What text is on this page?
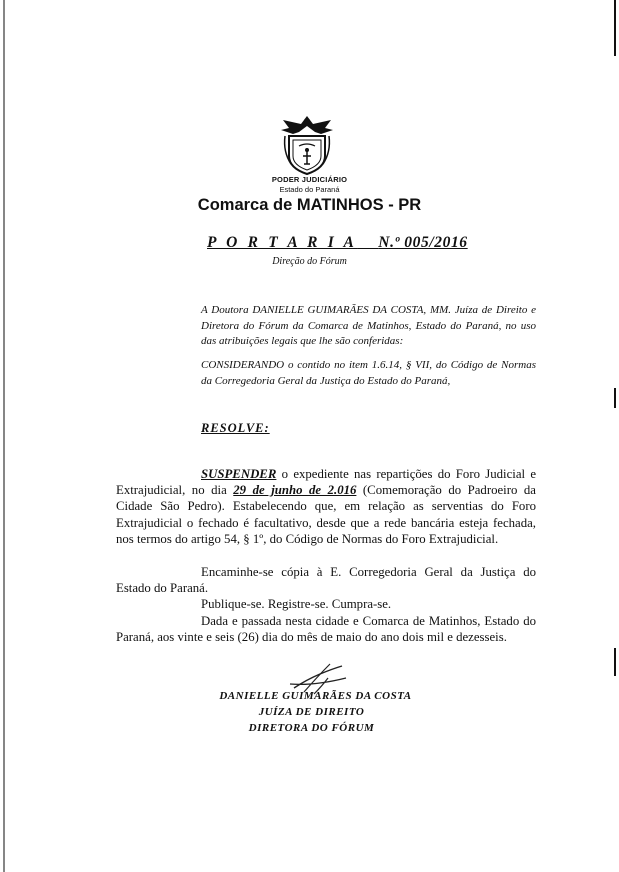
PODER JUDICIÁRIO
Estado do Paraná
Comarca de MATINHOS - PR
P O R T A R I A N.º 005/2016
Direção do Fórum
A Doutora DANIELLE GUIMARÃES DA COSTA, MM. Juíza de Direito e Diretora do Fórum da Comarca de Matinhos, Estado do Paraná, no uso das atribuições legais que lhe são conferidas:
CONSIDERANDO o contido no item 1.6.14, § VII, do Código de Normas da Corregedoria Geral da Justiça do Estado do Paraná,
RESOLVE:
SUSPENDER o expediente nas repartições do Foro Judicial e Extrajudicial, no dia 29 de junho de 2.016 (Comemoração do Padroeiro da Cidade São Pedro). Estabelecendo que, em relação as serventias do Foro Extrajudicial o fechado é facultativo, desde que a rede bancária esteja fechada, nos termos do artigo 54, § 1º, do Código de Normas do Foro Extrajudicial.
Encaminhe-se cópia à E. Corregedoria Geral da Justiça do Estado do Paraná.
Publique-se. Registre-se. Cumpra-se.
Dada e passada nesta cidade e Comarca de Matinhos, Estado do Paraná, aos vinte e seis (26) dia do mês de maio do ano dois mil e dezesseis.
DANIELLE GUIMARÃES DA COSTA
JUÍZA DE DIREITO
DIRETORA DO FÓRUM
